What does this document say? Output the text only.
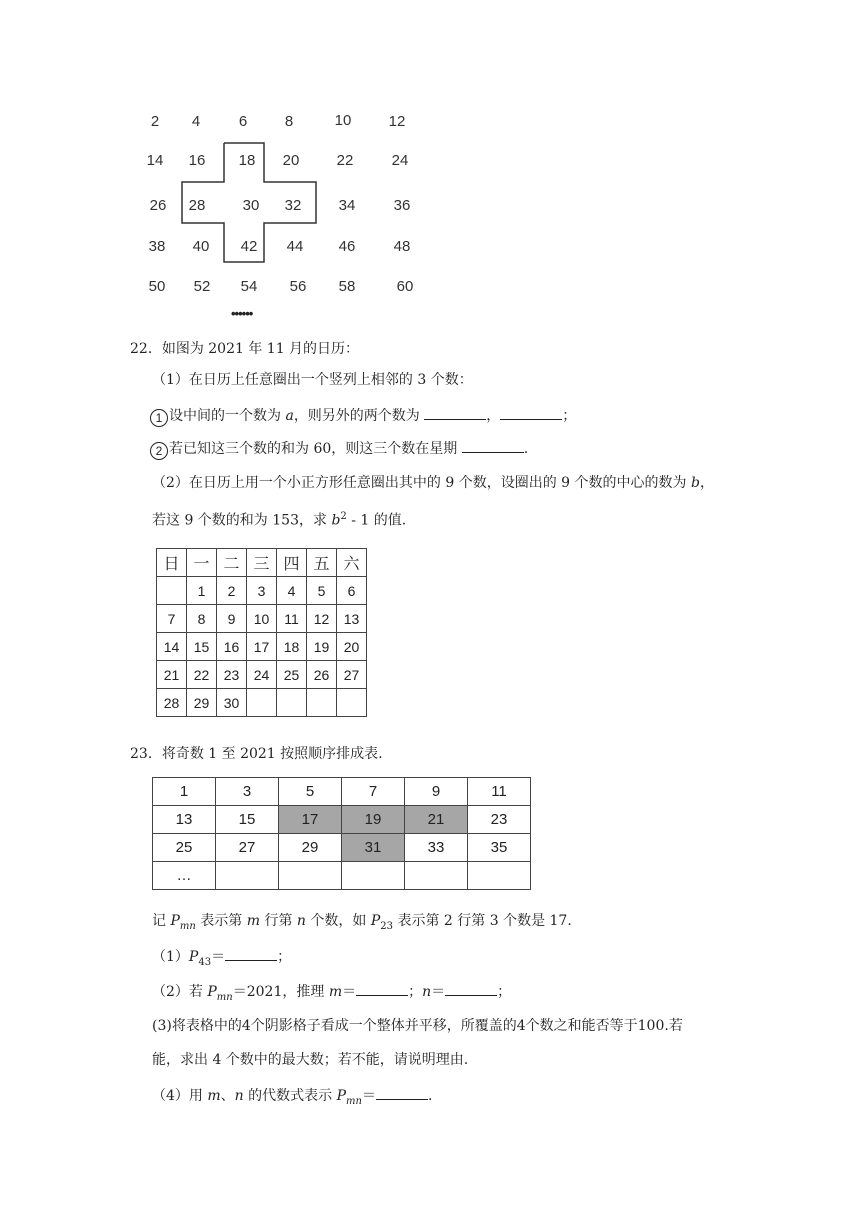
2	4	6	8	10	12
14	16	18	20	22	24
26	28	30	32	34	36
38	40	42	44	46	48
50	52	54	56	58	60
••••••
22．如图为 2021 年 11 月的日历：
（1）在日历上任意圈出一个竖列上相邻的 3 个数：
1 设中间的一个数为 a，则另外的两个数为	，	；
2 若已知这三个数的和为 60，则这三个数在星期	.
（2）在日历上用一个小正方形任意圈出其中的 9 个数，设圈出的 9 个数的中心的数为 b，
若这 9 个数的和为 153，求 $b^2 - 1$ 的值.
日	一	二	三	四	五	六
	1	2	3	4	5	6
7	8	9	10	11	12	13
14	15	16	17	18	19	20
21	22	23	24	25	26	27
28	29	30				
23．将奇数 1 至 2021 按照顺序排成表.
1	3	5	7	9	11
13	15	17	19	21	23
25	27	29	31	33	35
…					
记 $P_{mn}$ 表示第 m 行第 n 个数，如 $P_{23}$ 表示第 2 行第 3 个数是 17.
$(1)P_{43}=$	；
（2）若 $P_{mn}=2021$，推理 m＝	；n＝	；
(3)将表格中的4个阴影格子看成一个整体并平移，所覆盖的4个数之和能否等于100.若
能，求出 4 个数中的最大数；若不能，请说明理由.
（4）用 m、n 的代数式表示 $P_{mn}=$	.
